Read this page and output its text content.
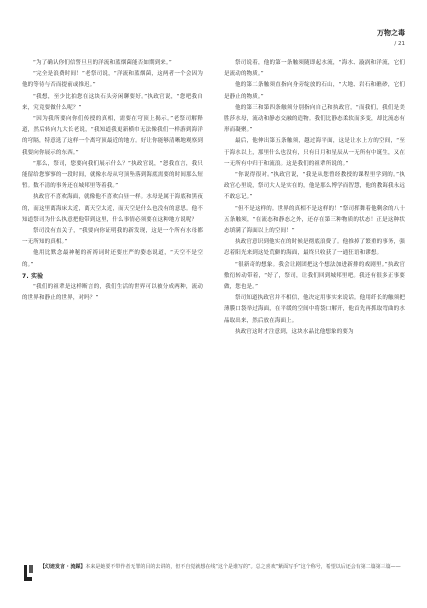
万物之毒
/ 21

“为了确认你们信誓旦旦的洋流和蓝烟菌能否如期到来。”

“完全是浪费时间！”老祭司说，“洋流和蓝烟菌，这两者一个会因为他的等待与否而提前或推迟。”

“我想，至少比拍您在这块石头旁闲聊要好。”执政官说，“您吧我自来，究竟要做什么呢？”

“因为我所要向你们传授的真相，需要在穹顶上揭示。”老祭司解释道，然后转向九大长老说，“我知道我更新横巾无法像我们一样游到海洋的穹隔，特意选了这样一个离穹顶最近的地方。好让你能够清晰地观察到我要向你展示的东西。”

“那么，祭司，您要向我们展示什么？”执政官说，“恕我直言，我只能留给您寥寥的一段时间，就像水母从穹顶坠落到海底需要的时间那么短暂。数不清的事务还在城邦里等着我。”

执政官不喜欢海面，就像他不喜欢白昼一样。水母是属于海底和黑夜的，而这里离海床太近，离天空太近，而天空是什么也没有的意思。他不知道祭司为什么执意把他带到这里，什么事情必须要在这种地方说呢？

祭司没有直关子，“我要向你证明我的新发现，这是一个所有水母都一无所知的真相。”

他用比默念最神秘的祈祷词时还要庄严的姿态说道，“天空不是空的。”

7. 实验

“我们的祖辈是这样断言的，我们生活的世界可以被分成两种，流动的世界和静止的世界，对吗？”

祭司说着，他的第一条触须随即起水流，“海水、漩涡和洋流，它们是流动的物质。”

他的第二条触须直指向身旁绽放的石山，“大地、岩石和礁砂，它们是静止的物质。”

他的第三和第四条触须分别指向自己和执政官，“而我们，我们是美胜莎水母，流动和静态交融的造物。我们比静态柔软而多变，却比流态有形而凝聚。”

最后，他伸出第五条触须，越过海平面，这是让水上方的空间，“至于海水以上，那里什么也没有，只有日月和星辰从一无所有中诞生，又在一无所有中归于和流浪。这是我们的祖辈所说的。”

“你说得很对。”执政官说，“我是从您曾经教授的课程里学到的。”执政官心里说，祭司大人是实在的，他是那么博学而智慧，他的教诲我永远不敢忘记。”

“但不是这样的。世界的真相不是这样的！”祭司挥舞着他剩余的八十五条触须，“在流态和静态之外，还存在第三种物质的状态！正是这种状态填满了海面以上的空间！”

执政官意识到他实在的时候是彻底浪费了。他推掉了繁重的事务，强忍着阳光来到这处荒僻的海面，最终只收获了一通狂语和谬想。

“很新奇的想象。我会让剧团把这个想法加进新排的戏剧里。”执政官敷衍转动带着，“好了，祭司，让我们回到城邦里吧。我还有很多正事要做，您也是。”

祭司知道执政官并不相信，他决定用事实来说话。他用纤长的触须把薄膜口袋举过海面，在平缓的空间中将袋口解开，他首先再抓取弯曲的水晶取出来，然后放在海面上。

执政官这时才注意到，这块水晶比他想象的要为

【幻迹发言 · 流媒】本来是她要不带作者无罪的目的去讲的，但不自觉就想在线“这个是谁写的”。总之喜欢“紫面写手”这个称号，希望以后还会有第二篇第三篇——
